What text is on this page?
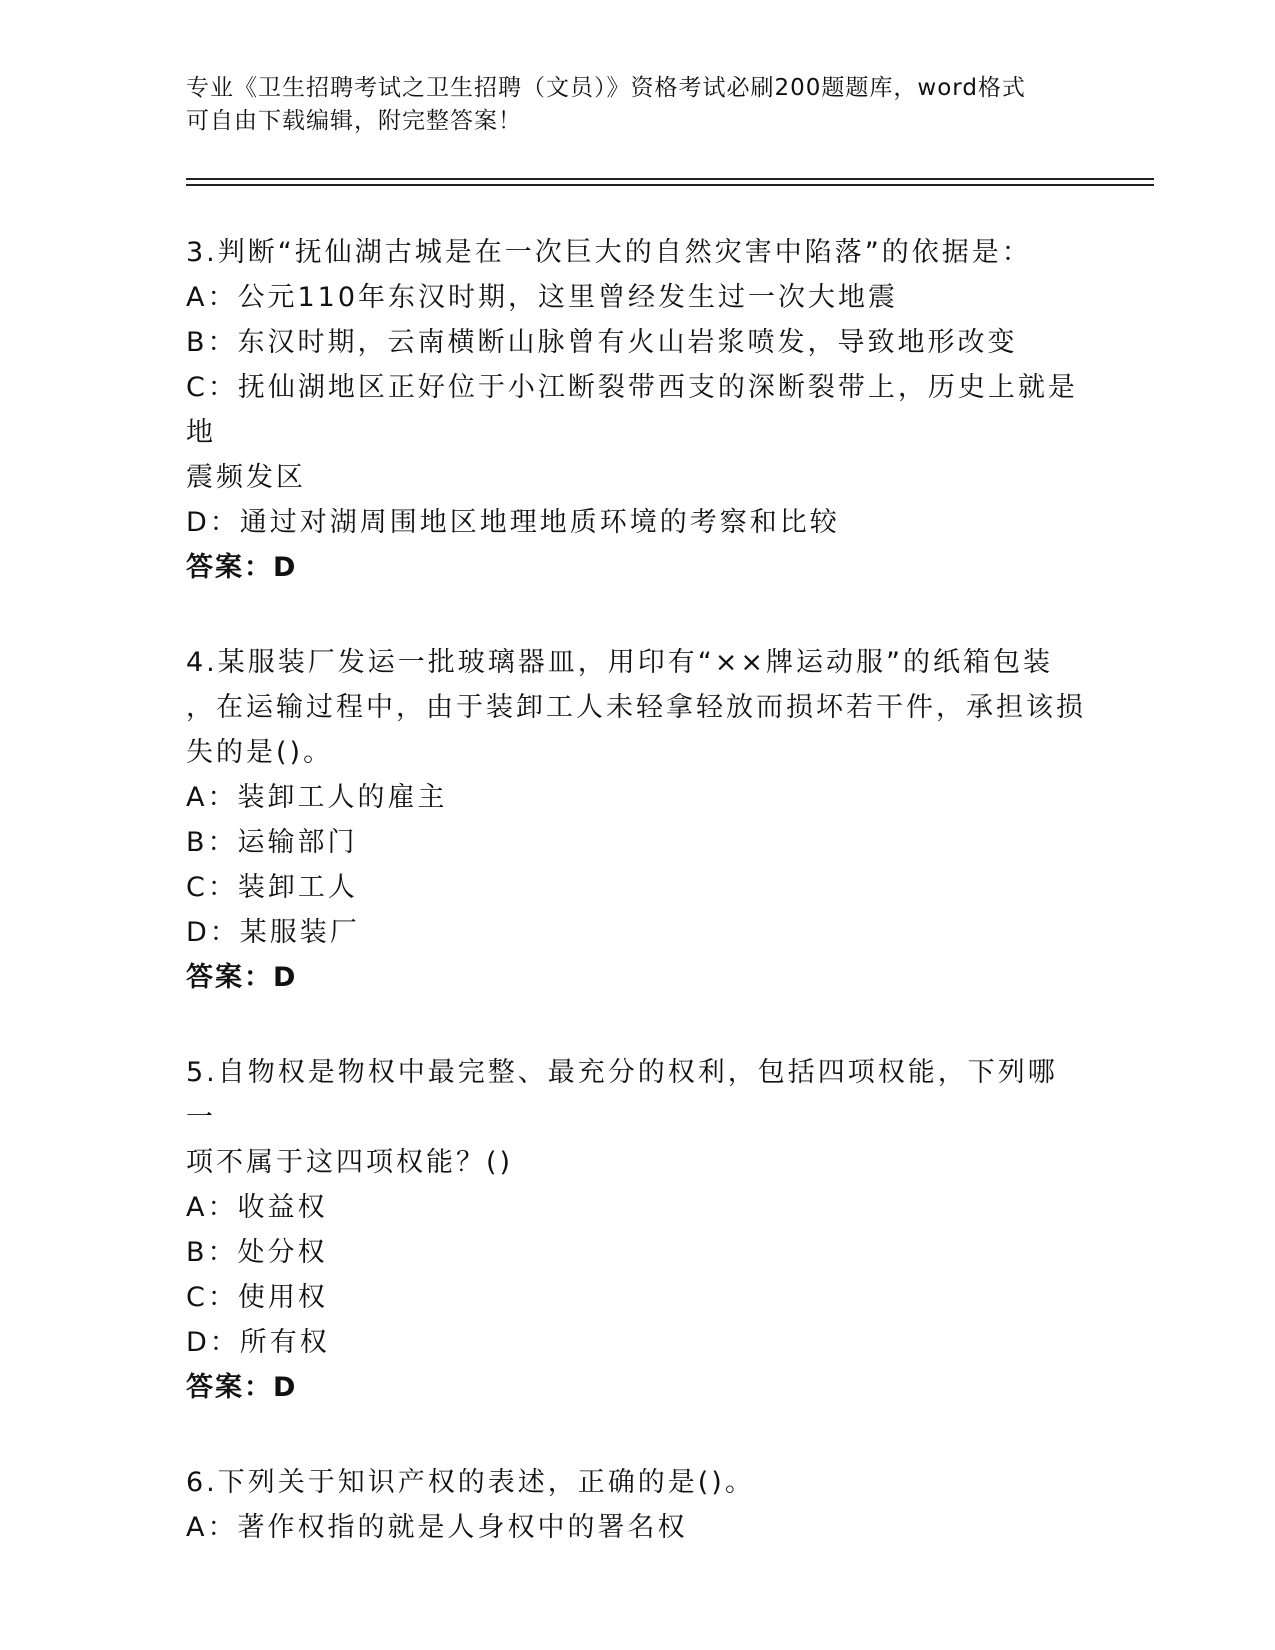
专业《卫生招聘考试之卫生招聘（文员）》资格考试必刷200题题库，word格式
可自由下载编辑，附完整答案！
3.判断“抚仙湖古城是在一次巨大的自然灾害中陷落”的依据是：
A：公元110年东汉时期，这里曾经发生过一次大地震
B：东汉时期，云南横断山脉曾有火山岩浆喷发，导致地形改变
C：抚仙湖地区正好位于小江断裂带西支的深断裂带上，历史上就是地
震频发区
D：通过对湖周围地区地理地质环境的考察和比较
答案：D
4.某服装厂发运一批玻璃器皿，用印有“××牌运动服”的纸箱包装
，在运输过程中，由于装卸工人未轻拿轻放而损坏若干件，承担该损
失的是()。
A：装卸工人的雇主
B：运输部门
C：装卸工人
D：某服装厂
答案：D
5.自物权是物权中最完整、最充分的权利，包括四项权能，下列哪一
项不属于这四项权能？()
A：收益权
B：处分权
C：使用权
D：所有权
答案：D
6.下列关于知识产权的表述，正确的是()。
A：著作权指的就是人身权中的署名权
